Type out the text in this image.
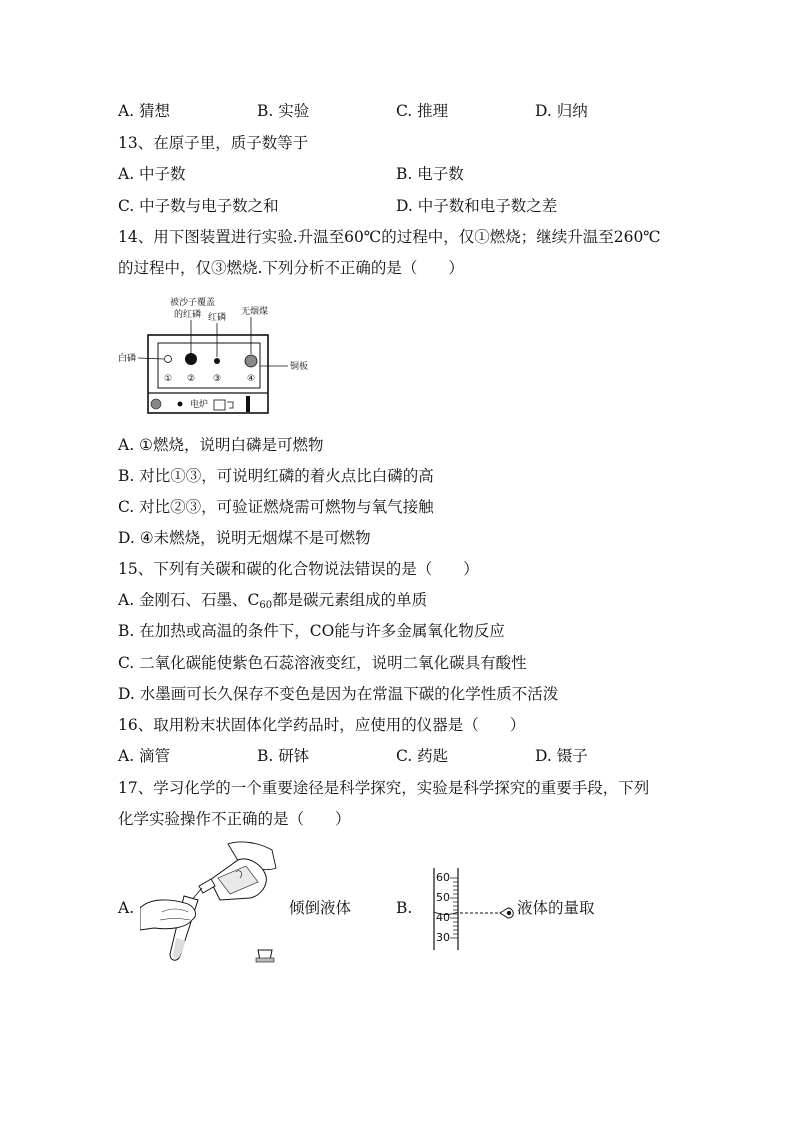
A. 猜想	B. 实验	C. 推理	D. 归纳
13、在原子里，质子数等于
A. 中子数	B. 电子数
C. 中子数与电子数之和	D. 中子数和电子数之差
14、用下图装置进行实验.升温至60℃的过程中，仅①燃烧；继续升温至260℃
的过程中，仅③燃烧.下列分析不正确的是（　　）
被沙子覆盖
的红磷 红磷
无烟煤
① ② ③	④
白磷
铜板
电炉
A. ①燃烧，说明白磷是可燃物
B. 对比①③，可说明红磷的着火点比白磷的高
C. 对比②③，可验证燃烧需可燃物与氧气接触
D. ④未燃烧，说明无烟煤不是可燃物
15、下列有关碳和碳的化合物说法错误的是（　　）
A. 金刚石、石墨、$C_{60}$都是碳元素组成的单质
B. 在加热或高温的条件下，CO能与许多金属氧化物反应
C. 二氧化碳能使紫色石蕊溶液变红，说明二氧化碳具有酸性
D. 水墨画可长久保存不变色是因为在常温下碳的化学性质不活泼
16、取用粉末状固体化学药品时，应使用的仪器是（　　）
A. 滴管	B. 研钵	C. 药匙	D. 镊子
17、学习化学的一个重要途径是科学探究，实验是科学探究的重要手段，下列
化学实验操作不正确的是（　　）
A.	倾倒液体	B.
60
50
40
30
液体的量取
